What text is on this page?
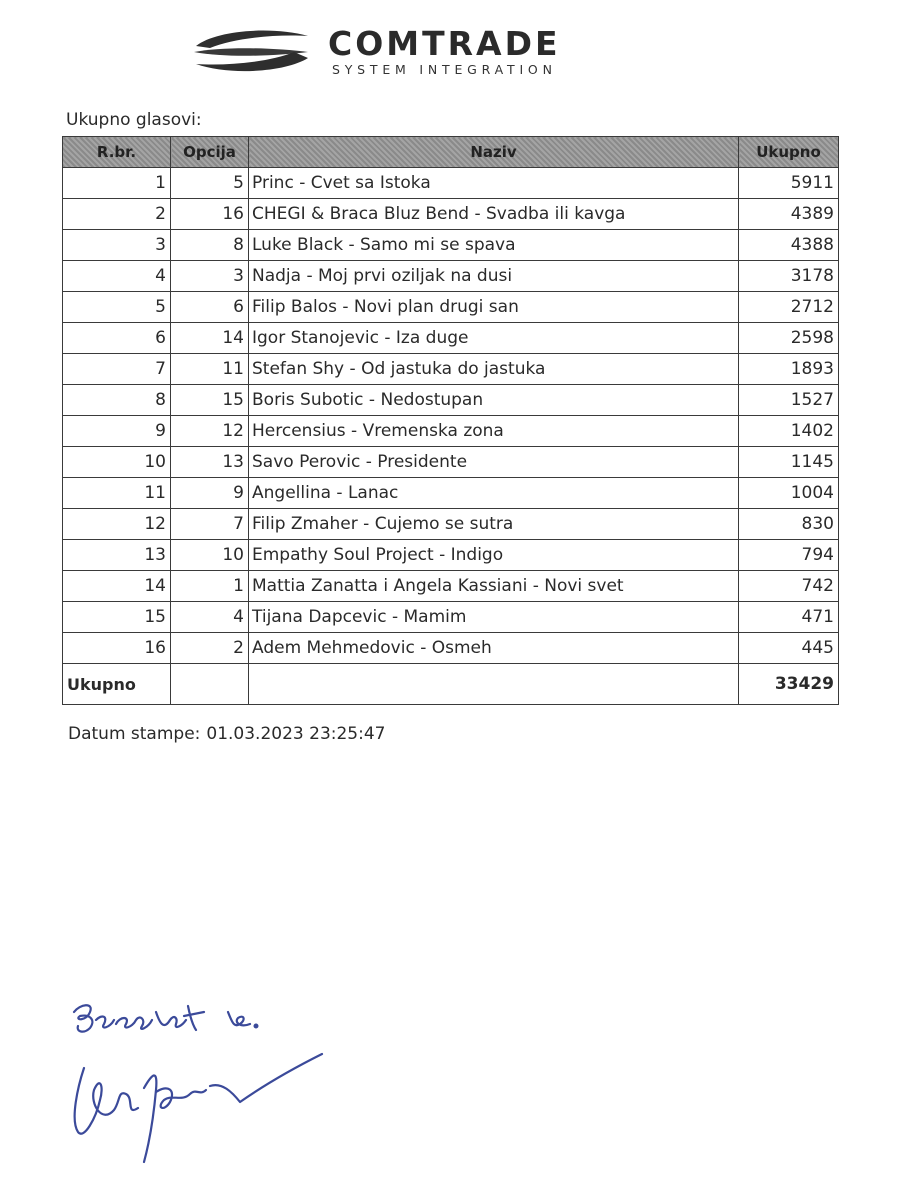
COMTRADE
SYSTEM INTEGRATION
Ukupno glasovi:
R.br.	Opcija	Naziv	Ukupno
1	5	Princ - Cvet sa Istoka	5911
2	16	CHEGI & Braca Bluz Bend - Svadba ili kavga	4389
3	8	Luke Black - Samo mi se spava	4388
4	3	Nadja - Moj prvi oziljak na dusi	3178
5	6	Filip Balos - Novi plan drugi san	2712
6	14	Igor Stanojevic - Iza duge	2598
7	11	Stefan Shy - Od jastuka do jastuka	1893
8	15	Boris Subotic - Nedostupan	1527
9	12	Hercensius - Vremenska zona	1402
10	13	Savo Perovic - Presidente	1145
11	9	Angellina - Lanac	1004
12	7	Filip Zmaher - Cujemo se sutra	830
13	10	Empathy Soul Project - Indigo	794
14	1	Mattia Zanatta i Angela Kassiani - Novi svet	742
15	4	Tijana Dapcevic - Mamim	471
16	2	Adem Mehmedovic - Osmeh	445
Ukupno			33429
Datum stampe: 01.03.2023 23:25:47
